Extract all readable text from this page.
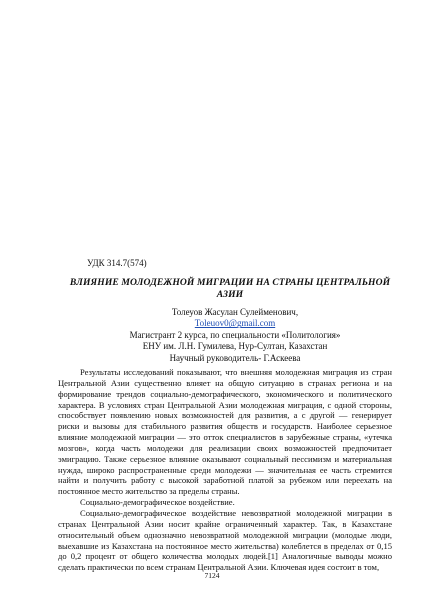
УДК 314.7(574)
ВЛИЯНИЕ МОЛОДЕЖНОЙ МИГРАЦИИ НА СТРАНЫ ЦЕНТРАЛЬНОЙ
АЗИИ
Толеуов Жасулан Сулейменович,
Toleuov0@gmail.com
Магистрант 2 курса, по специальности «Политология»
ЕНУ им. Л.Н. Гумилева, Нур-Султан, Казахстан
Научный руководитель- Г.Аскеева

Результаты исследований показывают, что внешняя молодежная миграция из стран Центральной Азии существенно влияет на общую ситуацию в странах региона и на формирование трендов социально-демографического, экономического и политического характера. В условиях стран Центральной Азии молодежная миграция, с одной стороны, способствует появлению новых возможностей для развития, а с другой — генерирует риски и вызовы для стабильного развития обществ и государств. Наиболее серьезное влияние молодежной миграции — это отток специалистов в зарубежные страны, «утечка мозгов», когда часть молодежи для реализации своих возможностей предпочитает эмиграцию. Также серьезное влияние оказывают социальный пессимизм и материальная нужда, широко распространенные среди молодежи — значительная ее часть стремится найти и получить работу с высокой заработной платой за рубежом или переехать на постоянное место жительство за пределы страны.

Социально-демографическое воздействие.

Социально-демографическое воздействие невозвратной молодежной миграции в странах Центральной Азии носит крайне ограниченный характер. Так, в Казахстане относительный объем однозначно невозвратной молодежной миграции (молодые люди, выехавшие из Казахстана на постоянное место жительства) колеблется в пределах от 0,15 до 0,2 процент от общего количества молодых людей.[1] Аналогичные выводы можно сделать практически по всем странам Центральной Азии. Ключевая идея состоит в том,

7124
